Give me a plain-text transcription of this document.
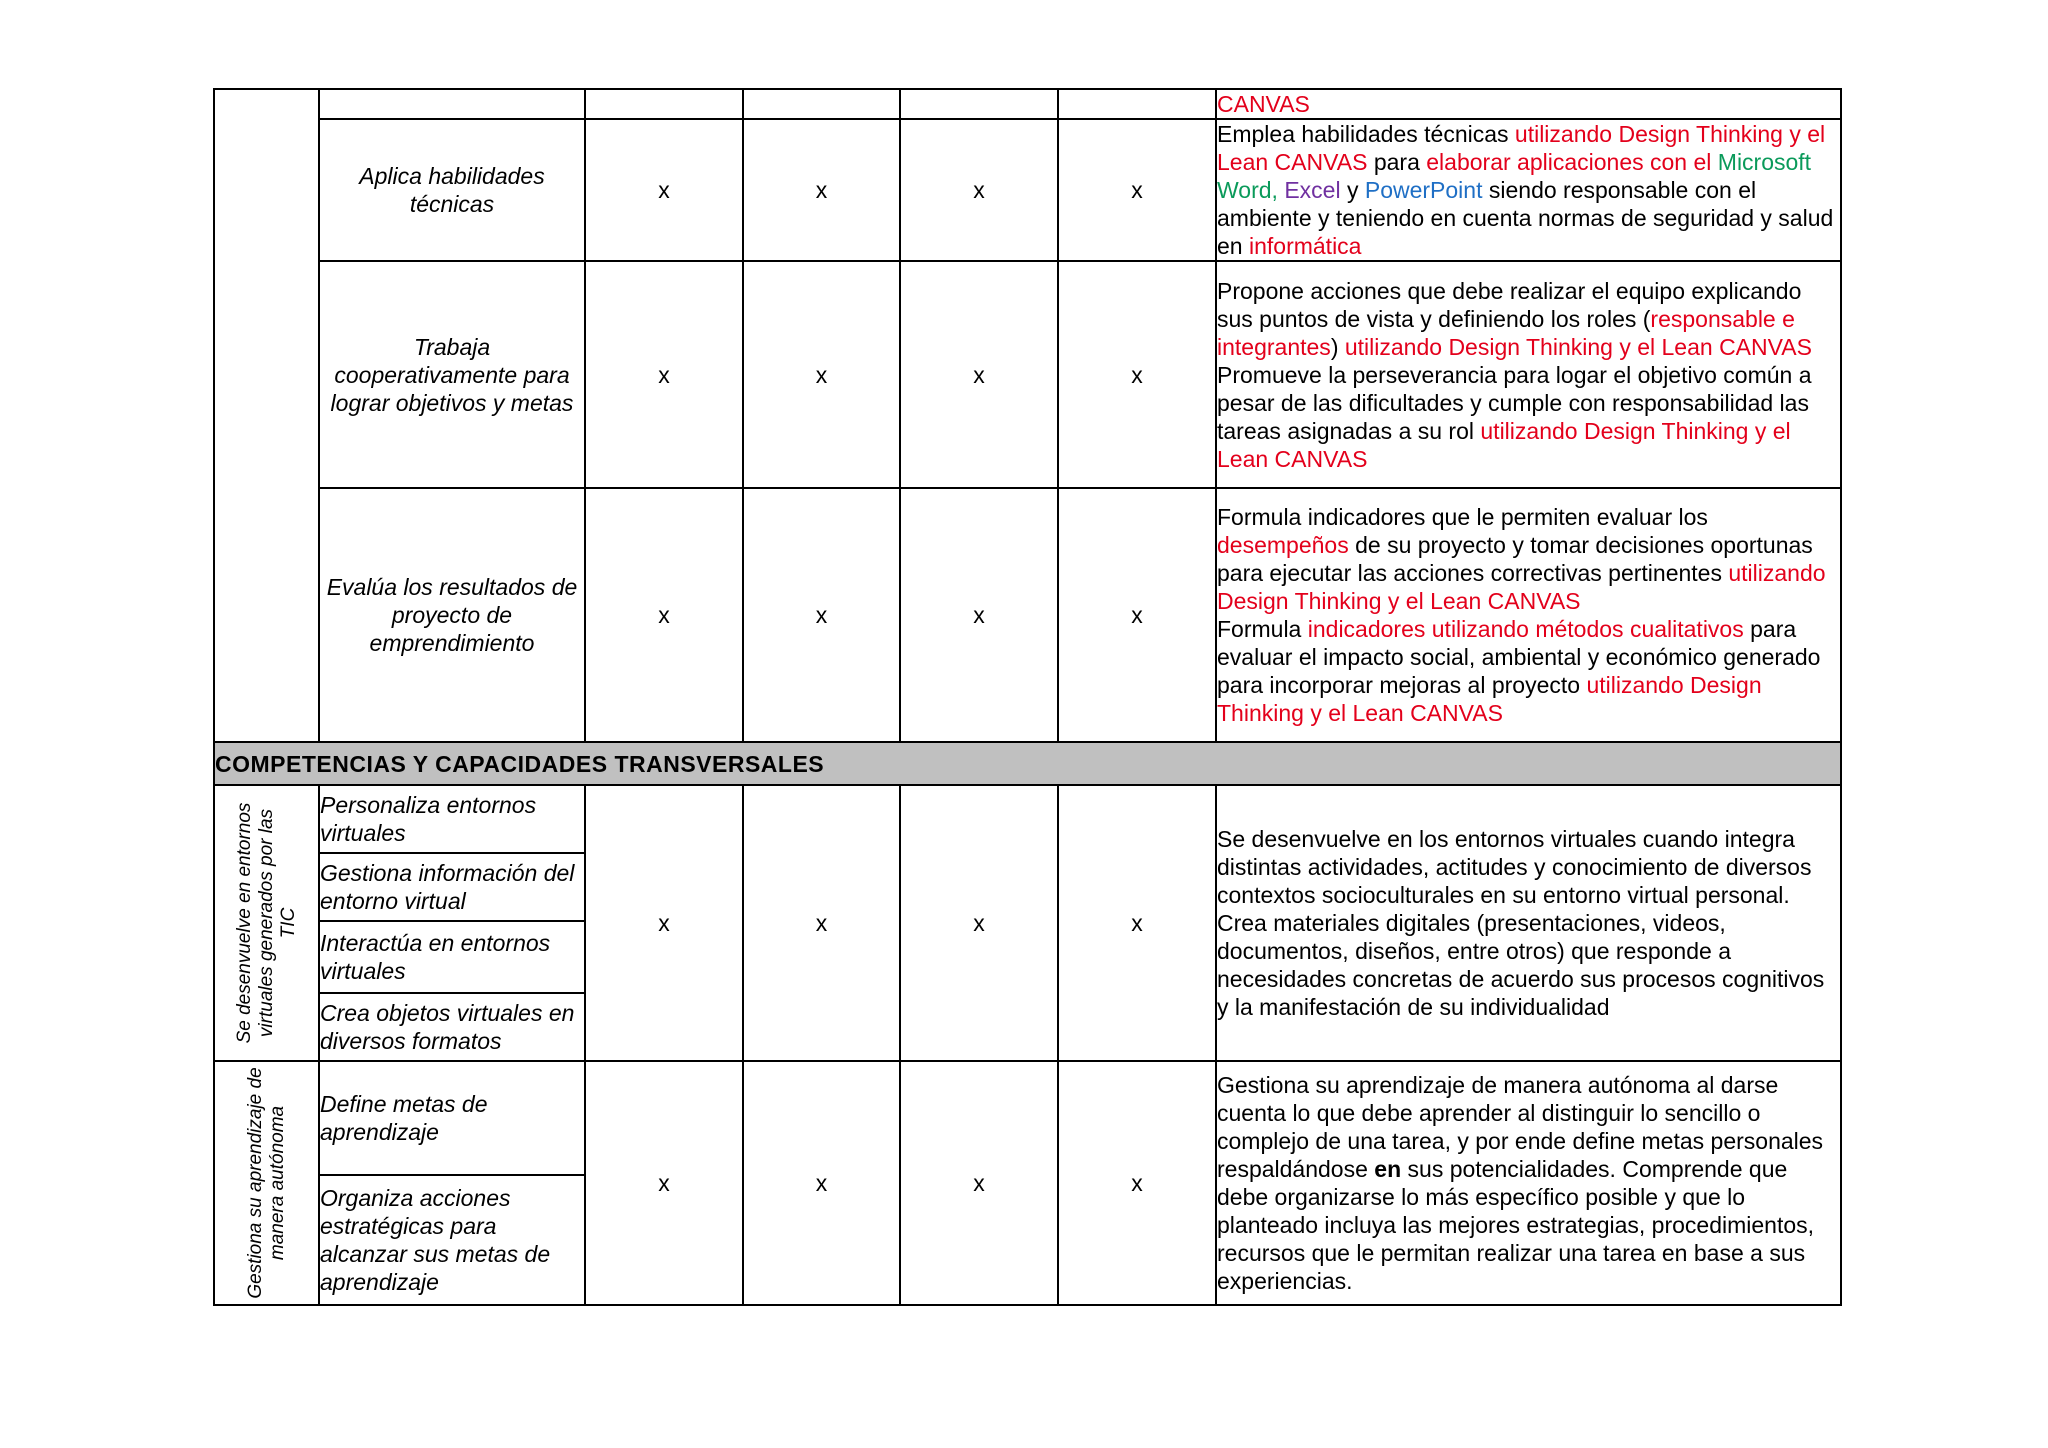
						CANVAS

	Aplica habilidades técnicas	x	x	x	x	Emplea habilidades técnicas utilizando Design Thinking y el Lean CANVAS para elaborar aplicaciones con el Microsoft Word, Excel y PowerPoint siendo responsable con el ambiente y teniendo en cuenta normas de seguridad y salud en informática

	Trabaja cooperativamente para lograr objetivos y metas	x	x	x	x	Propone acciones que debe realizar el equipo explicando sus puntos de vista y definiendo los roles (responsable e integrantes) utilizando Design Thinking y el Lean CANVAS
Promueve la perseverancia para logar el objetivo común a pesar de las dificultades y cumple con responsabilidad las tareas asignadas a su rol utilizando Design Thinking y el Lean CANVAS

	Evalúa los resultados de proyecto de emprendimiento	x	x	x	x	Formula indicadores que le permiten evaluar los desempeños de su proyecto y tomar decisiones oportunas para ejecutar las acciones correctivas pertinentes utilizando Design Thinking y el Lean CANVAS
Formula indicadores utilizando métodos cualitativos para evaluar el impacto social, ambiental y económico generado para incorporar mejoras al proyecto utilizando Design Thinking y el Lean CANVAS

COMPETENCIAS Y CAPACIDADES TRANSVERSALES						

Se desenvuelve en entornos virtuales generados por las TIC	Personaliza entornos virtuales	x	x	x	x	Se desenvuelve en los entornos virtuales cuando integra distintas actividades, actitudes y conocimiento de diversos contextos socioculturales en su entorno virtual personal. Crea materiales digitales (presentaciones, videos, documentos, diseños, entre otros) que responde a necesidades concretas de acuerdo sus procesos cognitivos y la manifestación de su individualidad

	Gestiona información del entorno virtual					
	Interactúa en entornos virtuales					
	Crea objetos virtuales en diversos formatos					

Gestiona su aprendizaje de manera autónoma	Define metas de aprendizaje	x	x	x	x	Gestiona su aprendizaje de manera autónoma al darse cuenta lo que debe aprender al distinguir lo sencillo o complejo de una tarea, y por ende define metas personales respaldándose en sus potencialidades. Comprende que debe organizarse lo más específico posible y que lo planteado incluya las mejores estrategias, procedimientos, recursos que le permitan realizar una tarea en base a sus experiencias.

	Organiza acciones estratégicas para alcanzar sus metas de aprendizaje					
